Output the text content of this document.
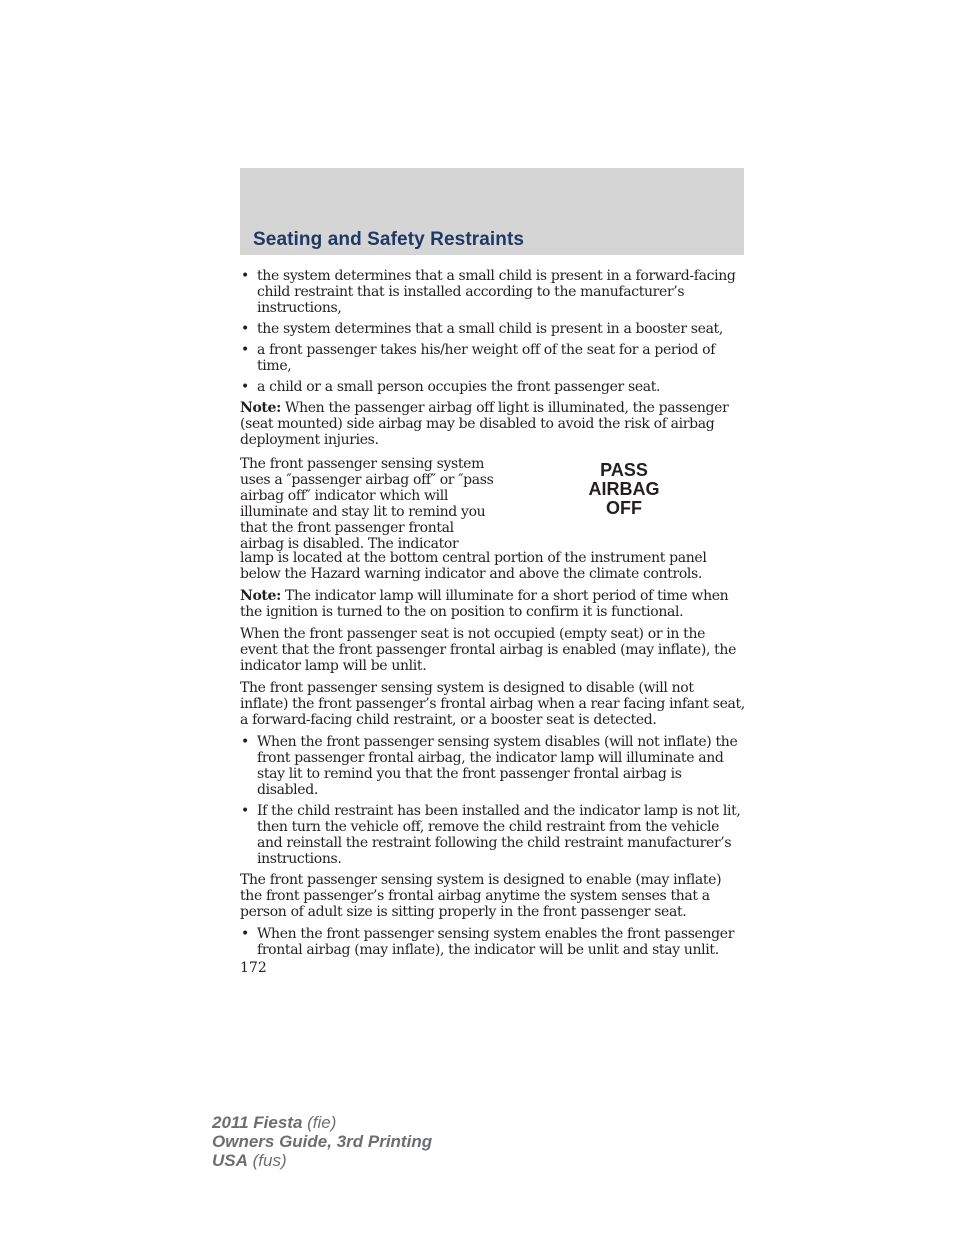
Seating and Safety Restraints
• the system determines that a small child is present in a forward-facing child restraint that is installed according to the manufacturer’s instructions,
• the system determines that a small child is present in a booster seat,
• a front passenger takes his/her weight off of the seat for a period of time,
• a child or a small person occupies the front passenger seat.

Note: When the passenger airbag off light is illuminated, the passenger (seat mounted) side airbag may be disabled to avoid the risk of airbag deployment injuries.

The front passenger sensing system uses a ″passenger airbag off″ or ″pass airbag off″ indicator which will illuminate and stay lit to remind you that the front passenger frontal airbag is disabled. The indicator
PASS
AIRBAG
OFF

lamp is located at the bottom central portion of the instrument panel below the Hazard warning indicator and above the climate controls.

Note: The indicator lamp will illuminate for a short period of time when the ignition is turned to the on position to confirm it is functional.

When the front passenger seat is not occupied (empty seat) or in the event that the front passenger frontal airbag is enabled (may inflate), the indicator lamp will be unlit.

The front passenger sensing system is designed to disable (will not inflate) the front passenger’s frontal airbag when a rear facing infant seat, a forward-facing child restraint, or a booster seat is detected.

• When the front passenger sensing system disables (will not inflate) the front passenger frontal airbag, the indicator lamp will illuminate and stay lit to remind you that the front passenger frontal airbag is disabled.
• If the child restraint has been installed and the indicator lamp is not lit, then turn the vehicle off, remove the child restraint from the vehicle and reinstall the restraint following the child restraint manufacturer’s instructions.

The front passenger sensing system is designed to enable (may inflate) the front passenger’s frontal airbag anytime the system senses that a person of adult size is sitting properly in the front passenger seat.

• When the front passenger sensing system enables the front passenger frontal airbag (may inflate), the indicator will be unlit and stay unlit.

172

2011 Fiesta (fie)
Owners Guide, 3rd Printing
USA (fus)
